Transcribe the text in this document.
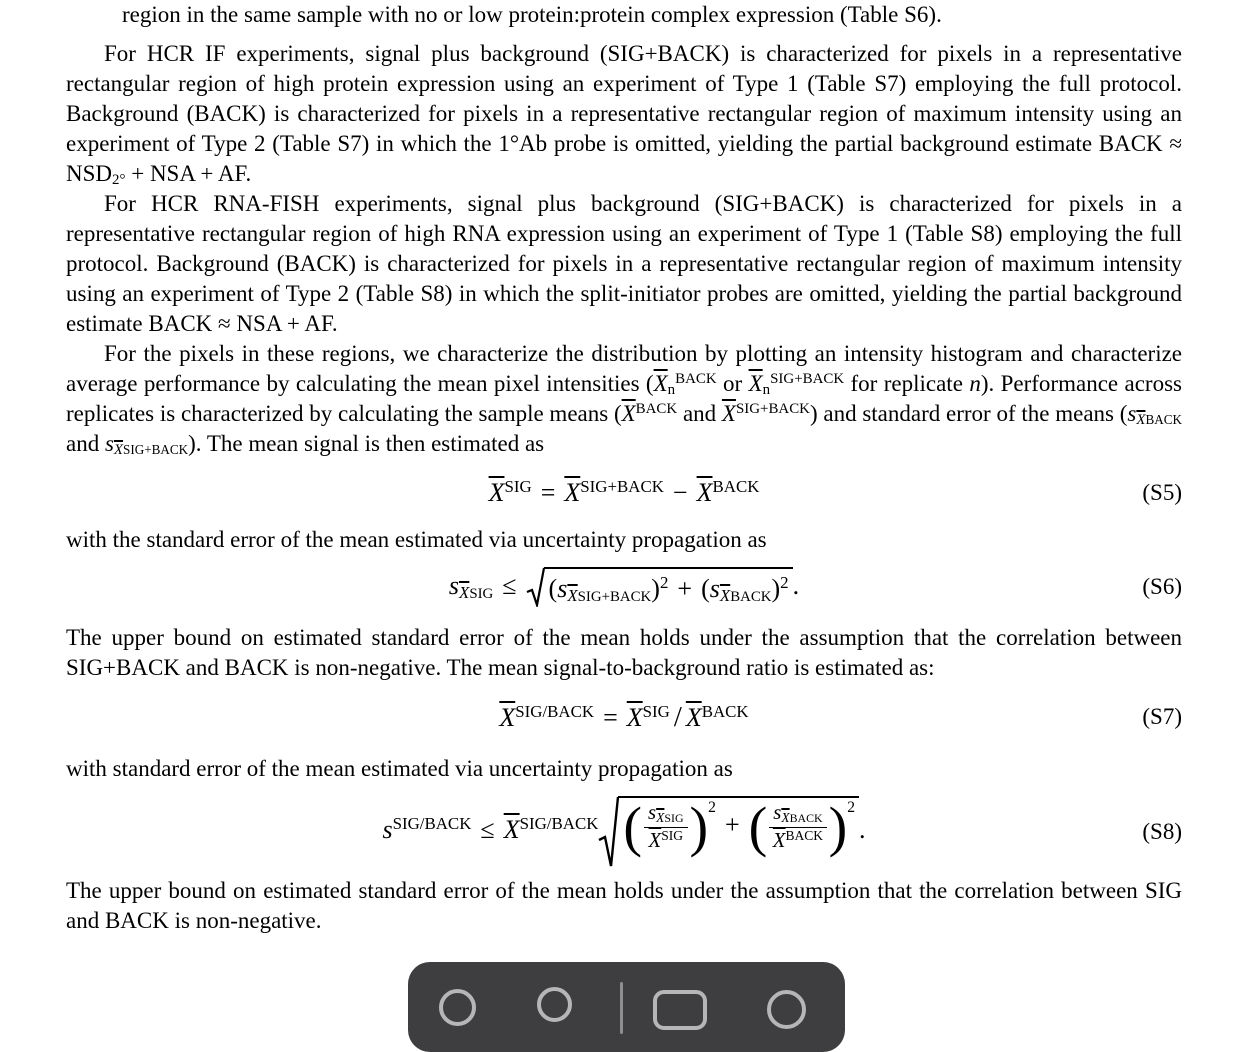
region in the same sample with no or low protein:protein complex expression (Table S6).

For HCR IF experiments, signal plus background (SIG+BACK) is characterized for pixels in a representative rectangular region of high protein expression using an experiment of Type 1 (Table S7) employing the full protocol. Background (BACK) is characterized for pixels in a representative rectangular region of maximum intensity using an experiment of Type 2 (Table S7) in which the 1°Ab probe is omitted, yielding the partial background estimate BACK ≈ NSD2° + NSA + AF.

For HCR RNA-FISH experiments, signal plus background (SIG+BACK) is characterized for pixels in a representative rectangular region of high RNA expression using an experiment of Type 1 (Table S8) employing the full protocol. Background (BACK) is characterized for pixels in a representative rectangular region of maximum intensity using an experiment of Type 2 (Table S8) in which the split-initiator probes are omitted, yielding the partial background estimate BACK ≈ NSA + AF.

For the pixels in these regions, we characterize the distribution by plotting an intensity histogram and characterize average performance by calculating the mean pixel intensities ($\overline{X}n^{BACK}$ or $\overline{X}n^{SIG+BACK}$ for replicate n). Performance across replicates is characterized by calculating the sample means ($\overline{X}^{BACK}$ and $\overline{X}^{SIG+BACK}$) and standard error of the means ($s\overline{X}BACK$ and $s\overline{X}SIG+BACK$). The mean signal is then estimated as

$\overline{X}^{SIG} = \overline{X}^{SIG+BACK} - \overline{X}^{BACK}$	(S5)

with the standard error of the mean estimated via uncertainty propagation as

$s\overline{X}SIG$ ≤ $(s\overline{X}SIG+BACK)^2$ + $(s\overline{X}BACK)^2$ .	(S6)

The upper bound on estimated standard error of the mean holds under the assumption that the correlation between SIG+BACK and BACK is non-negative. The mean signal-to-background ratio is estimated as:

$\overline{X}^{SIG/BACK} = \overline{X}^{SIG} / \overline{X}^{BACK}$	(S7)

with standard error of the mean estimated via uncertainty propagation as

$s^{SIG/BACK} \le \overline{X}^{SIG/BACK}$ ( $\frac{s\overline{X}SIG}{\overline{X}^{SIG}} )^2+$ ( $\frac{s\overline{X}BACK}{\overline{X}^{BACK}} )^2$
.	(S8)

The upper bound on estimated standard error of the mean holds under the assumption that the correlation between SIG and BACK is non-negative.
